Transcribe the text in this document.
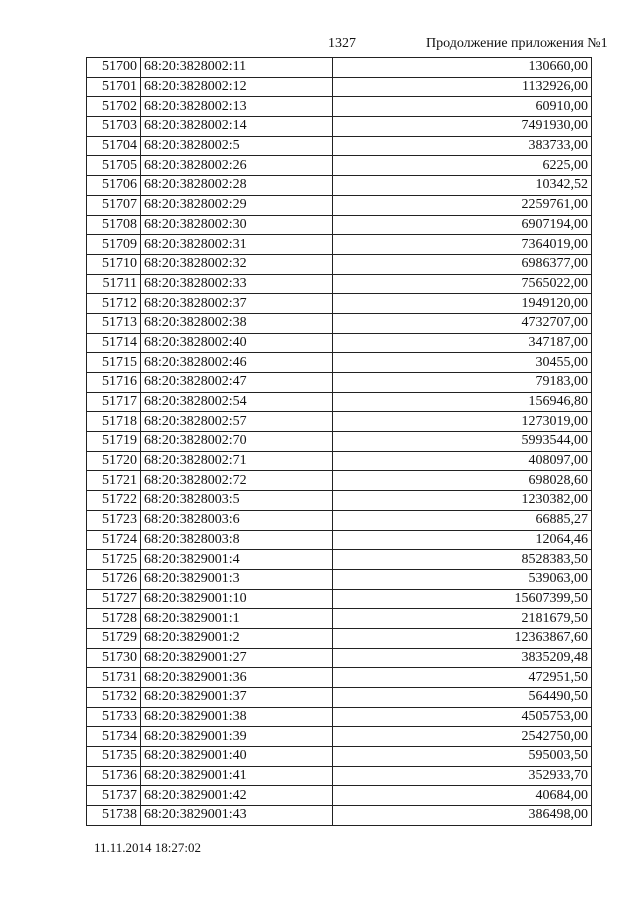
1327	Продолжение приложения №1
51700	68:20:3828002:11	130660,00
51701	68:20:3828002:12	1132926,00
51702	68:20:3828002:13	60910,00
51703	68:20:3828002:14	7491930,00
51704	68:20:3828002:5	383733,00
51705	68:20:3828002:26	6225,00
51706	68:20:3828002:28	10342,52
51707	68:20:3828002:29	2259761,00
51708	68:20:3828002:30	6907194,00
51709	68:20:3828002:31	7364019,00
51710	68:20:3828002:32	6986377,00
51711	68:20:3828002:33	7565022,00
51712	68:20:3828002:37	1949120,00
51713	68:20:3828002:38	4732707,00
51714	68:20:3828002:40	347187,00
51715	68:20:3828002:46	30455,00
51716	68:20:3828002:47	79183,00
51717	68:20:3828002:54	156946,80
51718	68:20:3828002:57	1273019,00
51719	68:20:3828002:70	5993544,00
51720	68:20:3828002:71	408097,00
51721	68:20:3828002:72	698028,60
51722	68:20:3828003:5	1230382,00
51723	68:20:3828003:6	66885,27
51724	68:20:3828003:8	12064,46
51725	68:20:3829001:4	8528383,50
51726	68:20:3829001:3	539063,00
51727	68:20:3829001:10	15607399,50
51728	68:20:3829001:1	2181679,50
51729	68:20:3829001:2	12363867,60
51730	68:20:3829001:27	3835209,48
51731	68:20:3829001:36	472951,50
51732	68:20:3829001:37	564490,50
51733	68:20:3829001:38	4505753,00
51734	68:20:3829001:39	2542750,00
51735	68:20:3829001:40	595003,50
51736	68:20:3829001:41	352933,70
51737	68:20:3829001:42	40684,00
51738	68:20:3829001:43	386498,00
11.11.2014 18:27:02
